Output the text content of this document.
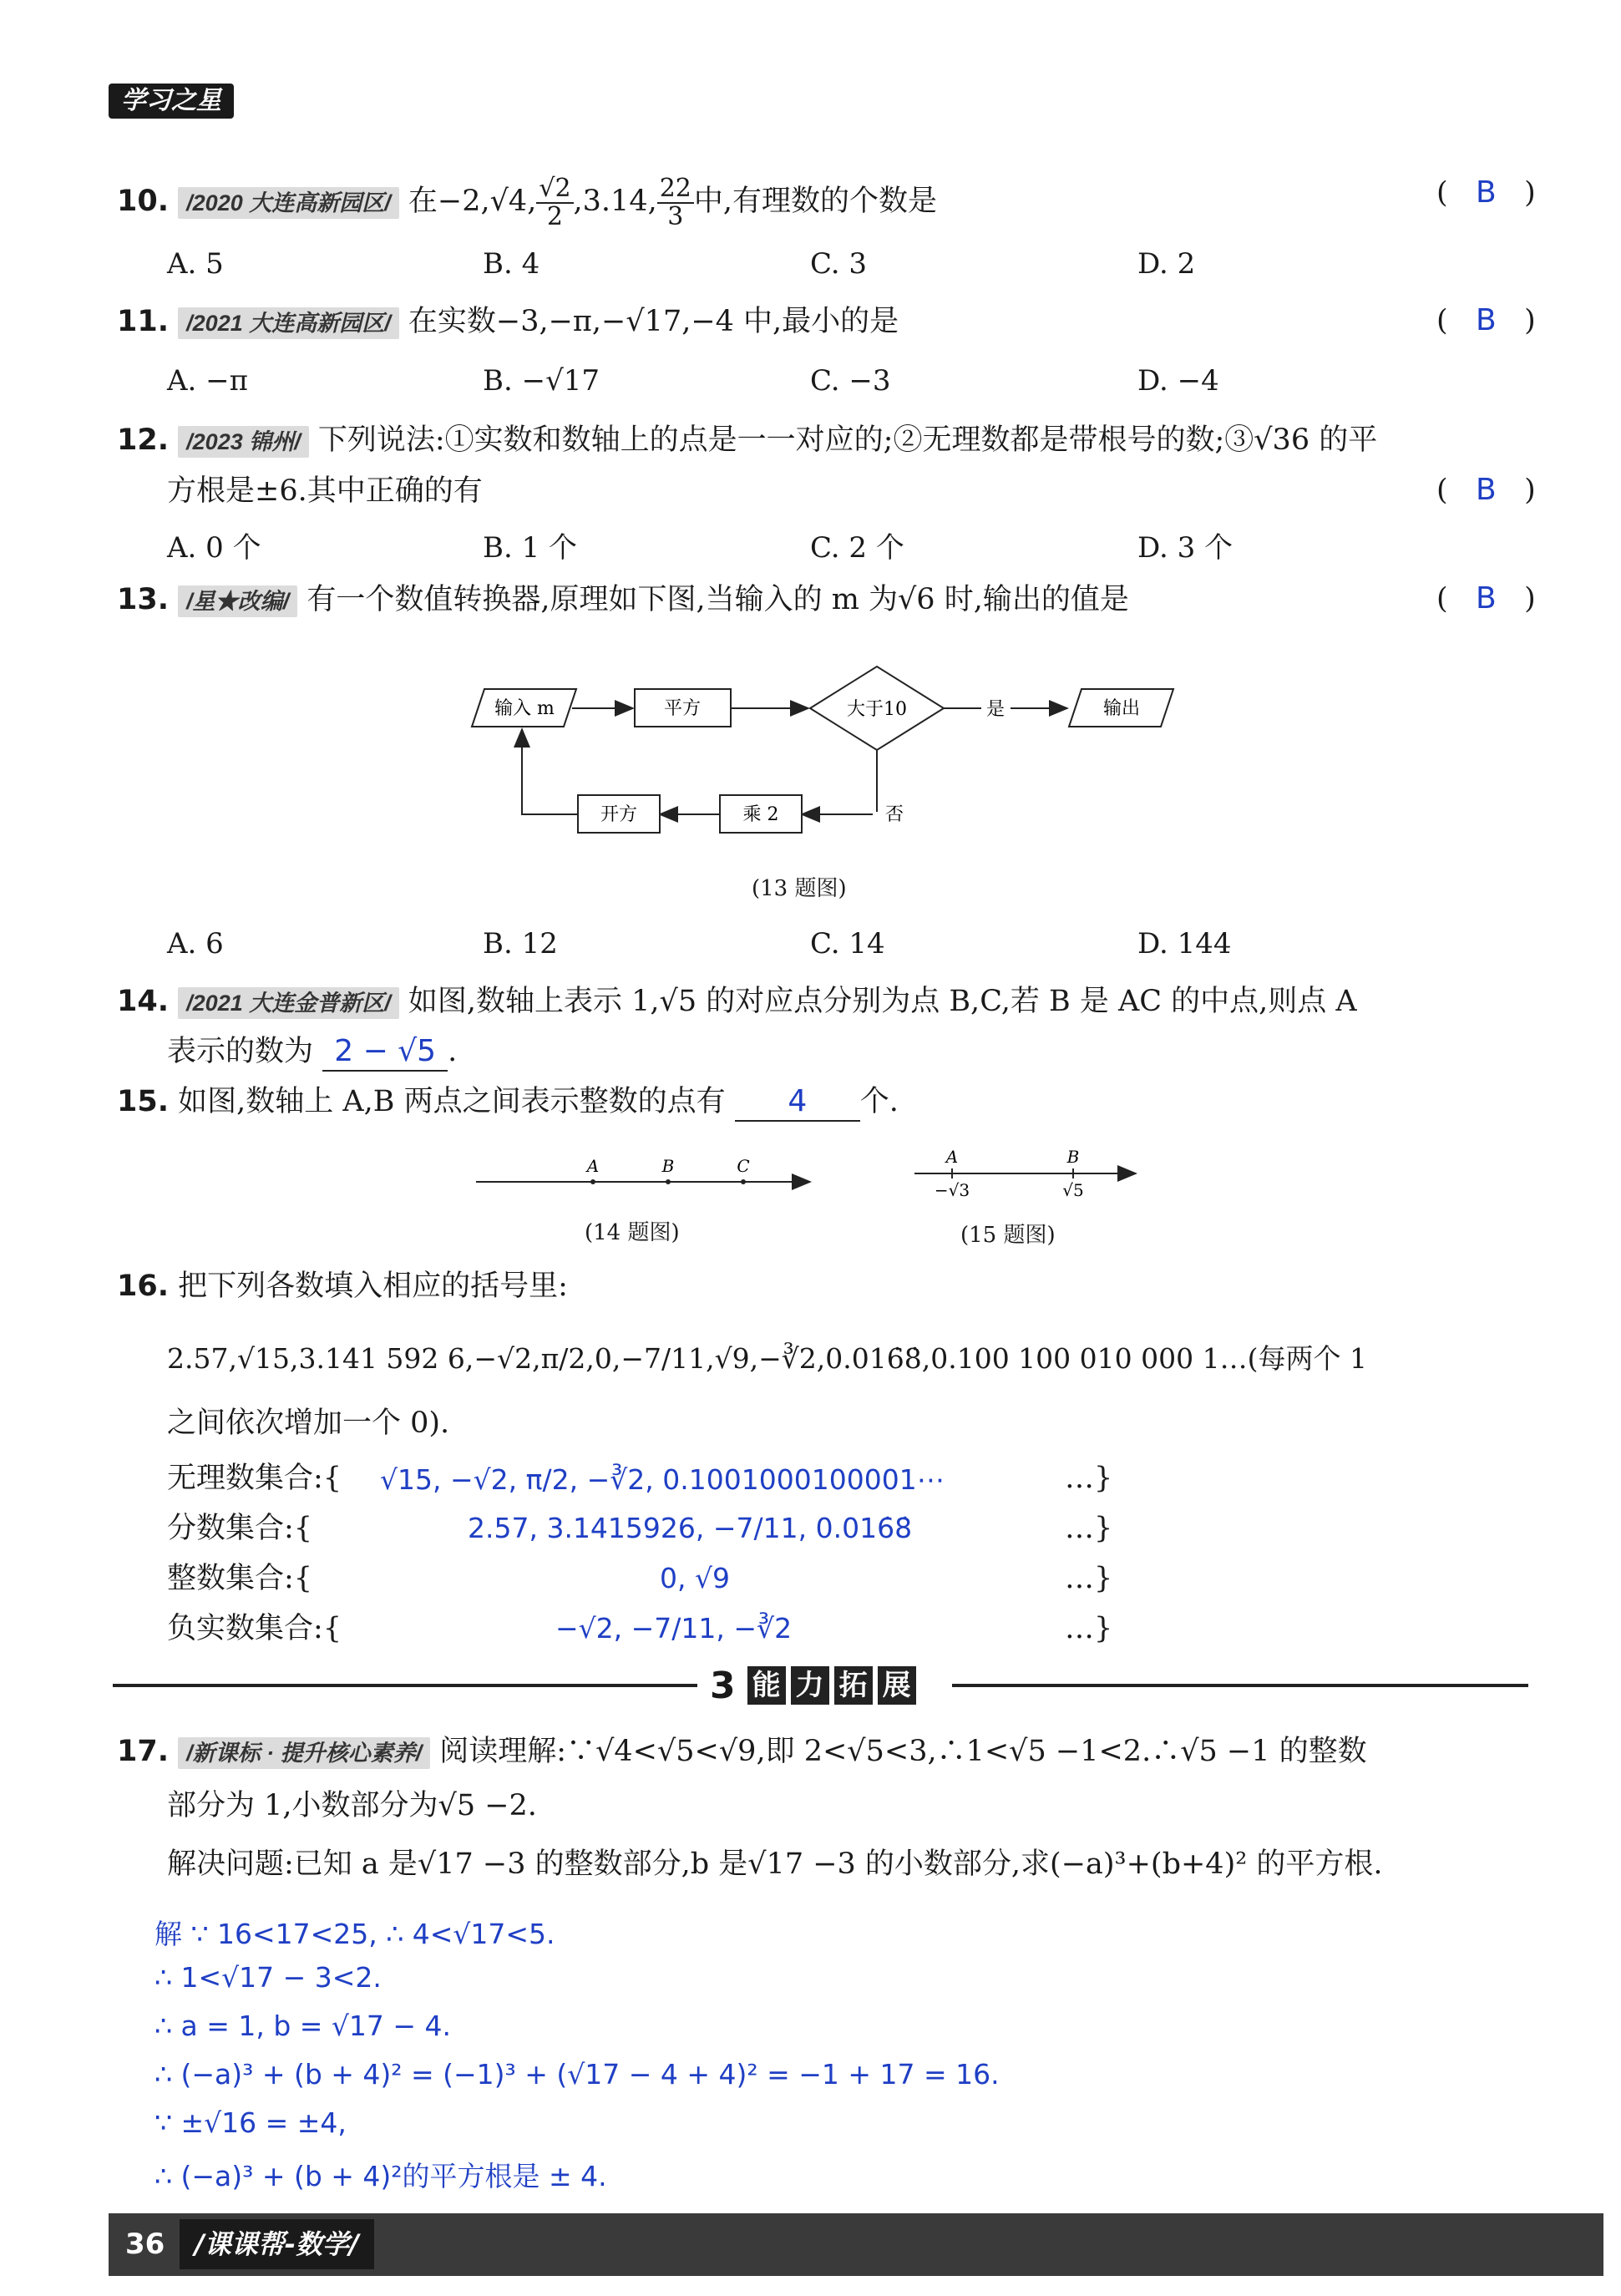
学习之星
10. /2020 大连高新园区/ 在−2,√4, $\frac{√2}{2} ,3.14$, $\frac{22}{3}$ 中,有理数的个数是	( B )
A. 5	B. 4	C. 3	D. 2
11. /2021 大连高新园区/ 在实数−3,−π,−√17,−4 中,最小的是	( B )
A. −π	B. −√17	C. −3	D. −4
12. /2023 锦州/ 下列说法:①实数和数轴上的点是一一对应的;②无理数都是带根号的数;③√36 的平
方根是±6.其中正确的有	( B )
A. 0 个	B. 1 个	C. 2 个	D. 3 个
13. /星★改编/ 有一个数值转换器,原理如下图,当输入的 m 为√6 时,输出的值是	( B )
输入 m	平方	大于10	是	输出
否
乘 2
开方
(13 题图)
A. 6	B. 12	C. 14	D. 144
14. /2021 大连金普新区/ 如图,数轴上表示 1,√5 的对应点分别为点 B,C,若 B 是 AC 的中点,则点 A
表示的数为 2 − √5 .
15. 如图,数轴上 A,B 两点之间表示整数的点有 4 个.
A	B	C
(14 题图)
A	B
−√3	√5
(15 题图)
16. 把下列各数填入相应的括号里:
2.57,√15,3.141 592 6,−√2,π/2,0,−7/11,√9,−∛2,0.016̇8̇,0.100 100 010 000 1…(每两个 1
之间依次增加一个 0).
无理数集合:{ √15, −√2, π/2, −∛2, 0.1001000100001⋯	…}
分数集合:{	2.57, 3.1415926, −7/11, 0.016̇8̇	…}
整数集合:{	0, √9	…}
负实数集合:{	−√2, −7/11, −∛2	…}
3 能 力 拓 展
17. /新课标 · 提升核心素养/ 阅读理解:∵√4<√5<√9,即 2<√5<3,∴1<√5 −1<2.∴√5 −1 的整数
部分为 1,小数部分为√5 −2.
解决问题:已知 a 是√17 −3 的整数部分,b 是√17 −3 的小数部分,求(−a)³+(b+4)² 的平方根.
解 ∵ 16<17<25, ∴ 4<√17<5.
∴ 1<√17 − 3<2.
∴ a = 1, b = √17 − 4.
∴ (−a)³ + (b + 4)² = (−1)³ + (√17 − 4 + 4)² = −1 + 17 = 16.
∵ ±√16 = ±4,
∴ (−a)³ + (b + 4)²的平方根是 ± 4.
36	/课课帮-数学/
